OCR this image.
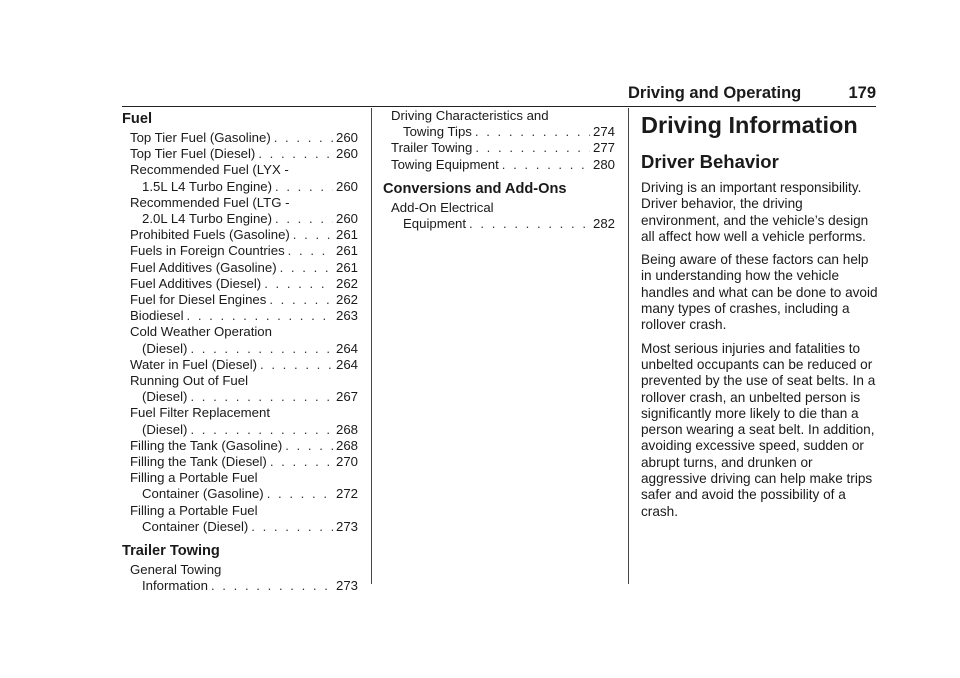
Driving and Operating	179
Fuel
Top Tier Fuel (Gasoline) . . .	260
Top Tier Fuel (Diesel) . . .	260
Recommended Fuel (LYX -
1.5L L4 Turbo Engine) . . .	260
Recommended Fuel (LTG -
2.0L L4 Turbo Engine) . . .	260
Prohibited Fuels (Gasoline) . . .	261
Fuels in Foreign Countries . . .	261
Fuel Additives (Gasoline) . . .	261
Fuel Additives (Diesel) . . .	262
Fuel for Diesel Engines . . .	262
Biodiesel . . .	263
Cold Weather Operation
(Diesel) . . .	264
Water in Fuel (Diesel) . . .	264
Running Out of Fuel
(Diesel) . . .	267
Fuel Filter Replacement
(Diesel) . . .	268
Filling the Tank (Gasoline) . . .	268
Filling the Tank (Diesel) . . .	270
Filling a Portable Fuel
Container (Gasoline) . . .	272
Filling a Portable Fuel
Container (Diesel) . . .	273
Trailer Towing
General Towing
Information . . .	273
Driving Characteristics and
Towing Tips . . .	274
Trailer Towing . . .	277
Towing Equipment . . .	280
Conversions and Add-Ons
Add-On Electrical
Equipment . . .	282
Driving Information
Driver Behavior

Driving is an important responsibility. Driver behavior, the driving environment, and the vehicle’s design all affect how well a vehicle performs.

Being aware of these factors can help in understanding how the vehicle handles and what can be done to avoid many types of crashes, including a rollover crash.

Most serious injuries and fatalities to unbelted occupants can be reduced or prevented by the use of seat belts. In a rollover crash, an unbelted person is significantly more likely to die than a person wearing a seat belt. In addition, avoiding excessive speed, sudden or abrupt turns, and drunken or aggressive driving can help make trips safer and avoid the possibility of a crash.
